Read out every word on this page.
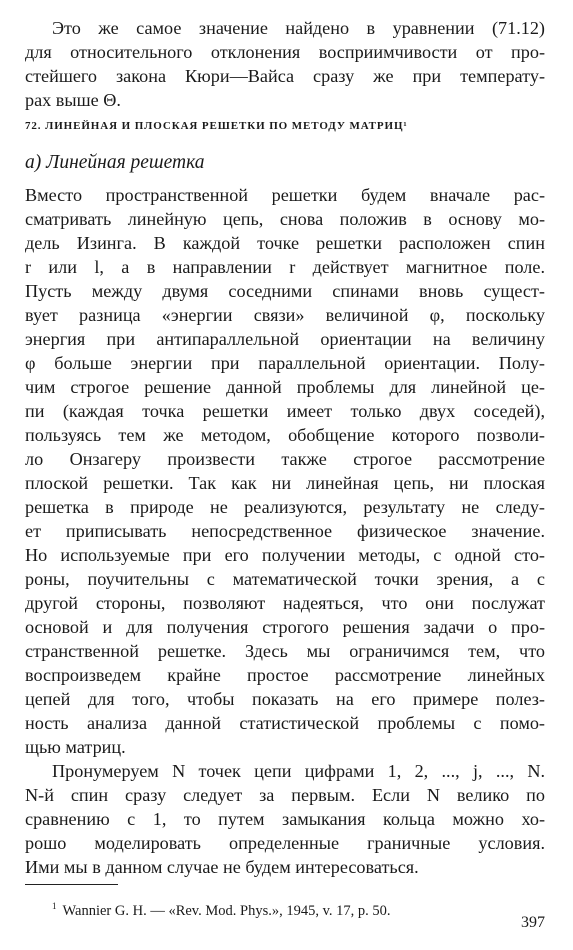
Это же самое значение найдено в уравнении (71.12)
для относительного отклонения восприимчивости от про-
стейшего закона Кюри—Вайса сразу же при температу-
рах выше Θ.
72. ЛИНЕЙНАЯ И ПЛОСКАЯ РЕШЕТКИ ПО МЕТОДУ МАТРИЦ¹
а) Линейная решетка
Вместо пространственной решетки будем вначале рас-
сматривать линейную цепь, снова положив в основу мо-
дель Изинга. В каждой точке решетки расположен спин
r или l, а в направлении r действует магнитное поле.
Пусть между двумя соседними спинами вновь сущест-
вует разница «энергии связи» величиной φ, поскольку
энергия при антипараллельной ориентации на величину
φ больше энергии при параллельной ориентации. Полу-
чим строгое решение данной проблемы для линейной це-
пи (каждая точка решетки имеет только двух соседей),
пользуясь тем же методом, обобщение которого позволи-
ло Онзагеру произвести также строгое рассмотрение
плоской решетки. Так как ни линейная цепь, ни плоская
решетка в природе не реализуются, результату не следу-
ет приписывать непосредственное физическое значение.
Но используемые при его получении методы, с одной сто-
роны, поучительны с математической точки зрения, а с
другой стороны, позволяют надеяться, что они послужат
основой и для получения строгого решения задачи о про-
странственной решетке. Здесь мы ограничимся тем, что
воспроизведем крайне простое рассмотрение линейных
цепей для того, чтобы показать на его примере полез-
ность анализа данной статистической проблемы с помо-
щью матриц.
Пронумеруем N точек цепи цифрами 1, 2, ..., j, ..., N.
N-й спин сразу следует за первым. Если N велико по
сравнению с 1, то путем замыкания кольца можно хо-
рошо моделировать определенные граничные условия.
Ими мы в данном случае не будем интересоваться.
$^1$ Wannier G. H. — «Rev. Mod. Phys.», 1945, v. 17, p. 50.
397
